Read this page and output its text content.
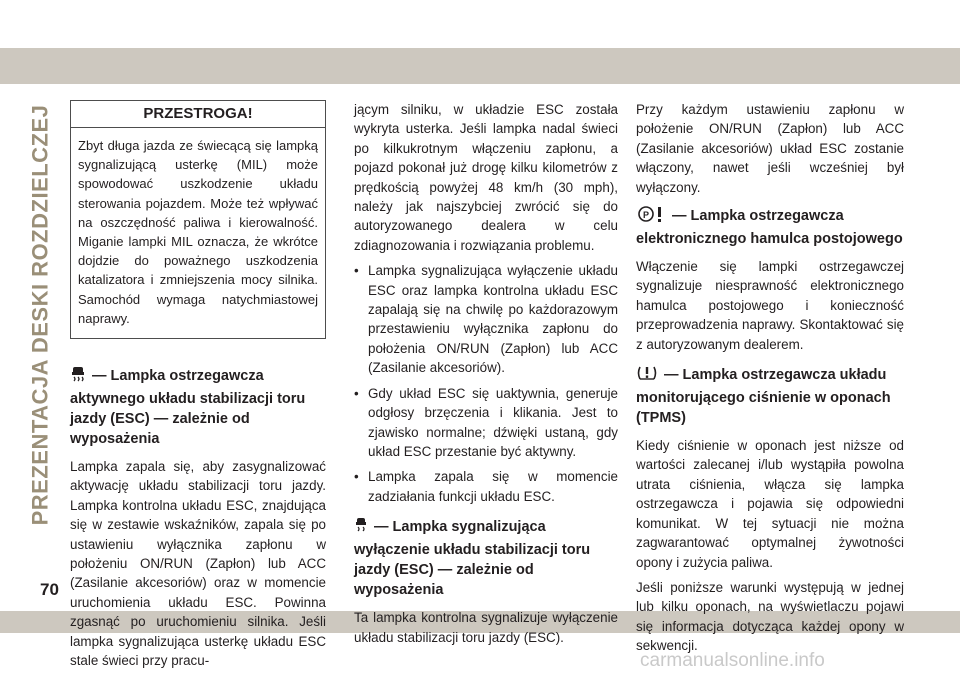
PREZENTACJA DESKI ROZDZIELCZEJ	PRZESTROGA!
Zbyt długa jazda ze świecącą się lampką sygnalizującą usterkę (MIL) może spowodować uszkodzenie układu sterowania pojazdem. Może też wpływać na oszczędność paliwa i kierowalność. Miganie lampki MIL oznacza, że wkrótce dojdzie do poważnego uszkodzenia katalizatora i zmniejszenia mocy silnika. Samochód wymaga natychmiastowej naprawy.
— Lampka ostrzegawcza aktywnego układu stabilizacji toru jazdy (ESC) — zależnie od wyposażenia

Lampka zapala się, aby zasygnalizować aktywację układu stabilizacji toru jazdy. Lampka kontrolna układu ESC, znajdująca się w zestawie wskaźników, zapala się po ustawieniu wyłącznika zapłonu w położeniu ON/RUN (Zapłon) lub ACC (Zasilanie akcesoriów) oraz w momencie uruchomienia układu ESC. Powinna zgasnąć po uruchomieniu silnika. Jeśli lampka sygnalizująca usterkę układu ESC stale świeci przy pracu-

jącym silniku, w układzie ESC została wykryta usterka. Jeśli lampka nadal świeci po kilkukrotnym włączeniu zapłonu, a pojazd pokonał już drogę kilku kilometrów z prędkością powyżej 48 km/h (30 mph), należy jak najszybciej zwrócić się do autoryzowanego dealera w celu zdiagnozowania i rozwiązania problemu.

• Lampka sygnalizująca wyłączenie układu ESC oraz lampka kontrolna układu ESC zapalają się na chwilę po każdorazowym przestawieniu wyłącznika zapłonu do położenia ON/RUN (Zapłon) lub ACC (Zasilanie akcesoriów).
• Gdy układ ESC się uaktywnia, generuje odgłosy brzęczenia i klikania. Jest to zjawisko normalne; dźwięki ustaną, gdy układ ESC przestanie być aktywny.
• Lampka zapala się w momencie zadziałania funkcji układu ESC.
— Lampka sygnalizująca wyłączenie układu stabilizacji toru jazdy (ESC) — zależnie od wyposażenia

Ta lampka kontrolna sygnalizuje wyłączenie układu stabilizacji toru jazdy (ESC).

Przy każdym ustawieniu zapłonu w położenie ON/RUN (Zapłon) lub ACC (Zasilanie akcesoriów) układ ESC zostanie włączony, nawet jeśli wcześniej był wyłączony.

P — Lampka ostrzegawcza elektronicznego hamulca postojowego

Włączenie się lampki ostrzegawczej sygnalizuje niesprawność elektronicznego hamulca postojowego i konieczność przeprowadzenia naprawy. Skontaktować się z autoryzowanym dealerem.

— Lampka ostrzegawcza układu monitorującego ciśnienie w oponach (TPMS)

Kiedy ciśnienie w oponach jest niższe od wartości zalecanej i/lub wystąpiła powolna utrata ciśnienia, włącza się lampka ostrzegawcza i pojawia się odpowiedni komunikat. W tej sytuacji nie można zagwarantować optymalnej żywotności opony i zużycia paliwa.

Jeśli poniższe warunki występują w jednej lub kilku oponach, na wyświetlaczu pojawi się informacja dotycząca każdej opony w sekwencji.

70
carmanualsonline.info
